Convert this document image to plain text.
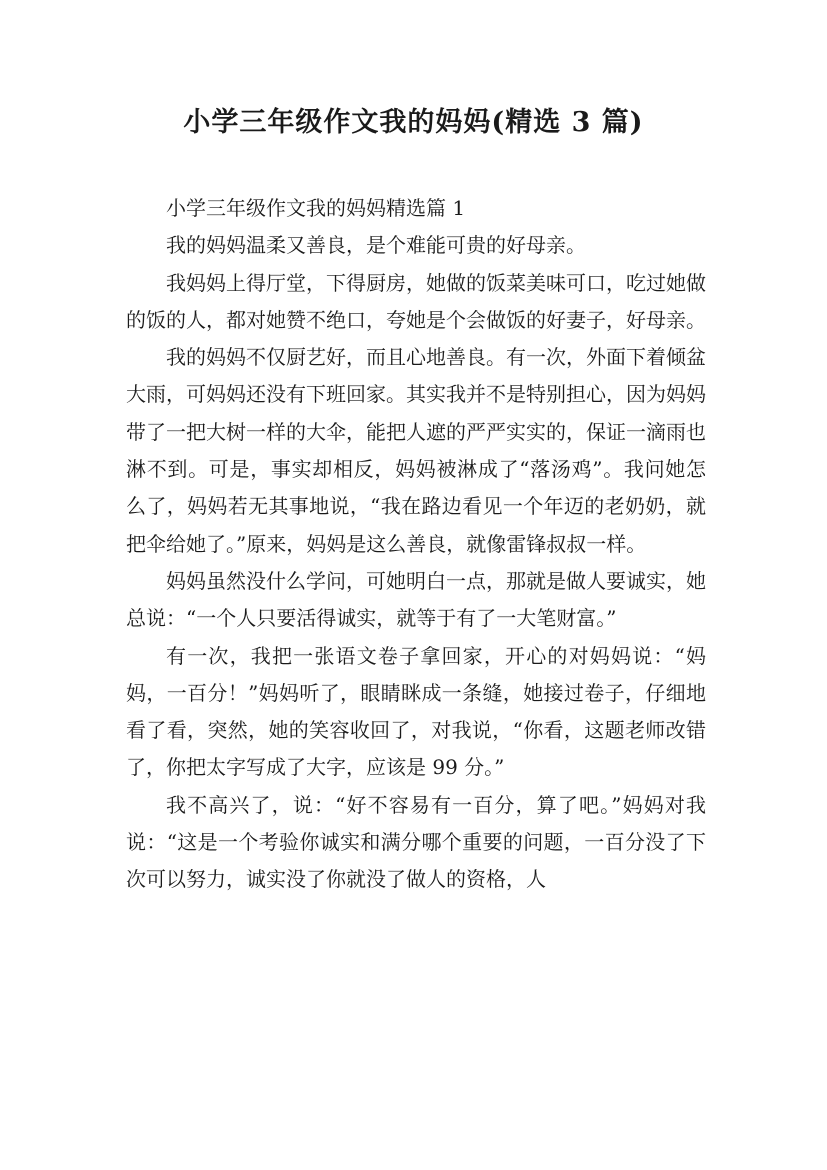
小学三年级作文我的妈妈(精选 3 篇)

小学三年级作文我的妈妈精选篇 1

我的妈妈温柔又善良，是个难能可贵的好母亲。

我妈妈上得厅堂，下得厨房，她做的饭菜美味可口，吃过她做的饭的人，都对她赞不绝口，夸她是个会做饭的好妻子，好母亲。

我的妈妈不仅厨艺好，而且心地善良。有一次，外面下着倾盆大雨，可妈妈还没有下班回家。其实我并不是特别担心，因为妈妈带了一把大树一样的大伞，能把人遮的严严实实的，保证一滴雨也淋不到。可是，事实却相反，妈妈被淋成了“落汤鸡”。我问她怎么了，妈妈若无其事地说，“我在路边看见一个年迈的老奶奶，就把伞给她了。”原来，妈妈是这么善良，就像雷锋叔叔一样。

妈妈虽然没什么学问，可她明白一点，那就是做人要诚实，她总说：“一个人只要活得诚实，就等于有了一大笔财富。”

有一次，我把一张语文卷子拿回家，开心的对妈妈说：“妈妈，一百分！”妈妈听了，眼睛眯成一条缝，她接过卷子，仔细地看了看，突然，她的笑容收回了，对我说，“你看，这题老师改错了，你把太字写成了大字，应该是 99 分。”

我不高兴了，说：“好不容易有一百分，算了吧。”妈妈对我说：“这是一个考验你诚实和满分哪个重要的问题，一百分没了下次可以努力，诚实没了你就没了做人的资格，人
